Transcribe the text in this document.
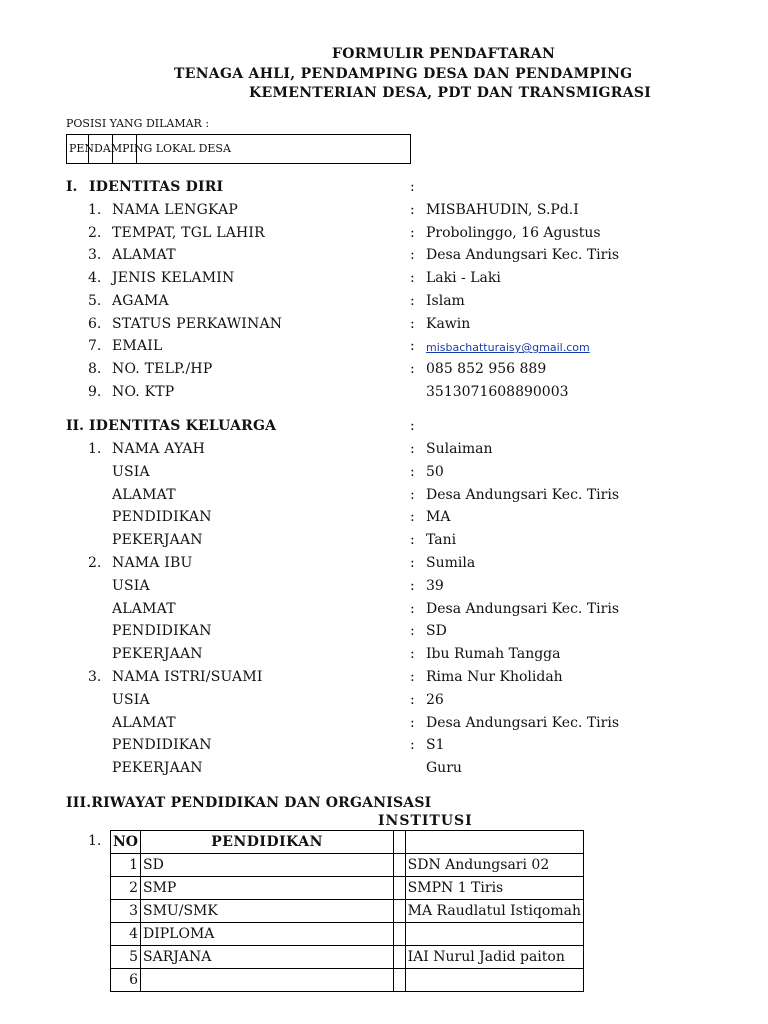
FORMULIR PENDAFTARAN
TENAGA AHLI, PENDAMPING DESA DAN PENDAMPING
KEMENTERIAN DESA, PDT DAN TRANSMIGRASI
POSISI YANG DILAMAR :
PENDAMPING LOKAL DESA
I. IDENTITAS DIRI	:
1. NAMA LENGKAP	: MISBAHUDIN, S.Pd.I
2. TEMPAT, TGL LAHIR	: Probolinggo, 16 Agustus
3. ALAMAT	: Desa Andungsari Kec. Tiris
4. JENIS KELAMIN	: Laki - Laki
5. AGAMA	: Islam
6. STATUS PERKAWINAN	: Kawin
7. EMAIL	: misbachatturaisy@gmail.com
8. NO. TELP./HP	: 085 852 956 889
9. NO. KTP	3513071608890003
II. IDENTITAS KELUARGA	:
1. NAMA AYAH	: Sulaiman
USIA	: 50
ALAMAT	: Desa Andungsari Kec. Tiris
PENDIDIKAN	: MA
PEKERJAAN	: Tani
2. NAMA IBU	: Sumila
USIA	: 39
ALAMAT	: Desa Andungsari Kec. Tiris
PENDIDIKAN	: SD
PEKERJAAN	: Ibu Rumah Tangga
3. NAMA ISTRI/SUAMI	: Rima Nur Kholidah
USIA	: 26
ALAMAT	: Desa Andungsari Kec. Tiris
PENDIDIKAN	: S1
PEKERJAAN	Guru
III.RIWAYAT PENDIDIKAN DAN ORGANISASI
INSTITUSI
1. NO	PENDIDIKAN		
1	SD		SDN Andungsari 02
2	SMP		SMPN 1 Tiris
3	SMU/SMK		MA Raudlatul Istiqomah
4	DIPLOMA		
5	SARJANA		IAI Nurul Jadid paiton
6			
